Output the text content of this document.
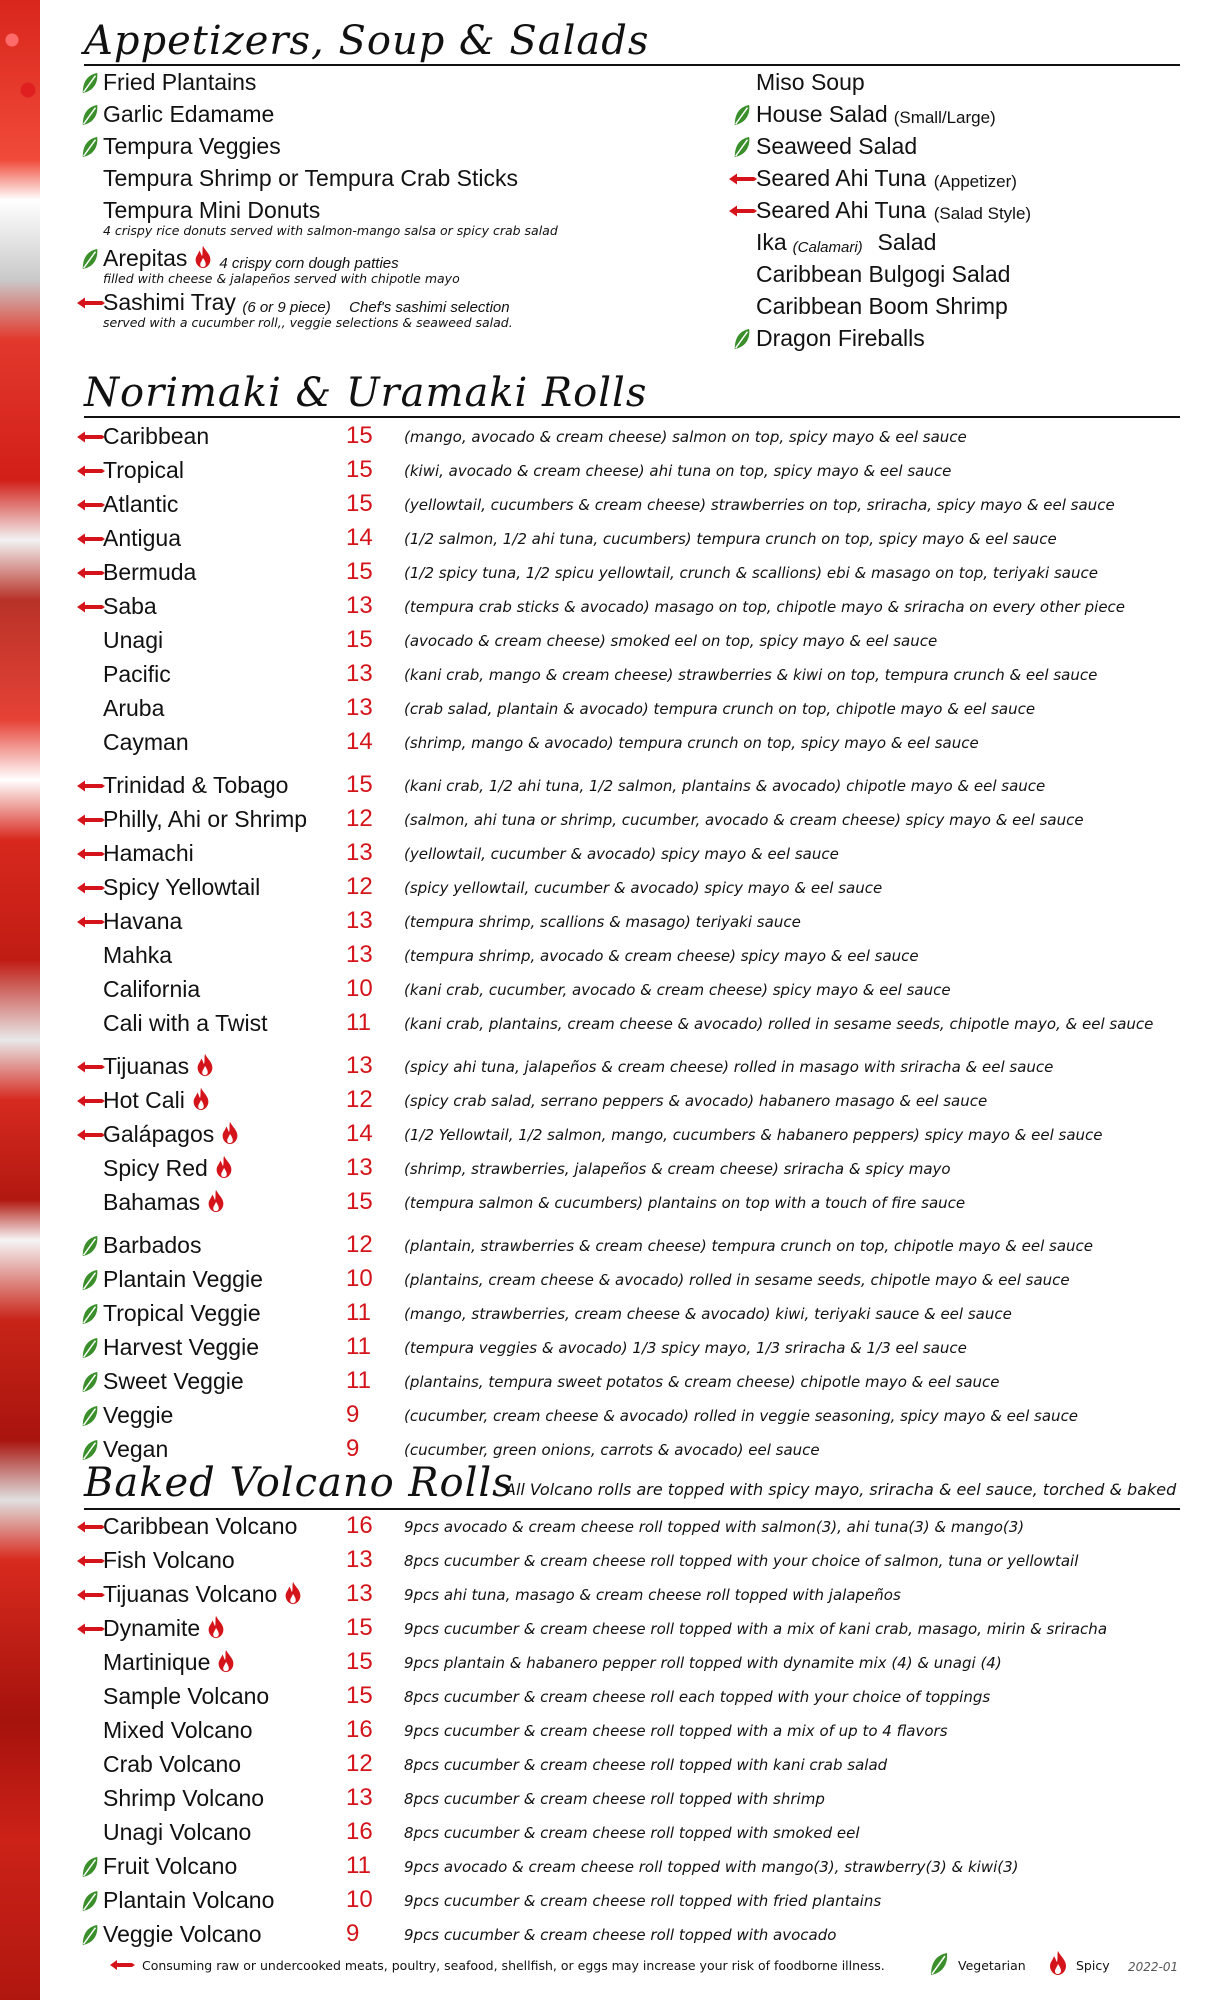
Appetizers, Soup & Salads
Norimaki & Uramaki Rolls
Baked Volcano Rolls
All Volcano rolls are topped with spicy mayo, sriracha & eel sauce, torched & baked
Fried Plantains
Garlic Edamame
Tempura Veggies
Tempura Shrimp or Tempura Crab Sticks
Tempura Mini Donuts
4 crispy rice donuts served with salmon-mango salsa or spicy crab salad
Arepitas 4 crispy corn dough patties
filled with cheese & jalapeños served with chipotle mayo
Sashimi Tray (6 or 9 piece) Chef's sashimi selection
served with a cucumber roll,, veggie selections & seaweed salad.
Miso Soup
House Salad (Small/Large)
Seaweed Salad
Seared Ahi Tuna (Appetizer)
Seared Ahi Tuna (Salad Style)
Ika (Calamari) Salad
Caribbean Bulgogi Salad
Caribbean Boom Shrimp
Dragon Fireballs
Caribbean	15 (mango, avocado & cream cheese) salmon on top, spicy mayo & eel sauce
Tropical	15 (kiwi, avocado & cream cheese) ahi tuna on top, spicy mayo & eel sauce
Atlantic	15 (yellowtail, cucumbers & cream cheese) strawberries on top, sriracha, spicy mayo & eel sauce
Antigua	14 (1/2 salmon, 1/2 ahi tuna, cucumbers) tempura crunch on top, spicy mayo & eel sauce
Bermuda	15 (1/2 spicy tuna, 1/2 spicu yellowtail, crunch & scallions) ebi & masago on top, teriyaki sauce
Saba	13 (tempura crab sticks & avocado) masago on top, chipotle mayo & sriracha on every other piece
Unagi	15 (avocado & cream cheese) smoked eel on top, spicy mayo & eel sauce
Pacific	13 (kani crab, mango & cream cheese) strawberries & kiwi on top, tempura crunch & eel sauce
Aruba	13 (crab salad, plantain & avocado) tempura crunch on top, chipotle mayo & eel sauce
Cayman	14 (shrimp, mango & avocado) tempura crunch on top, spicy mayo & eel sauce
Trinidad & Tobago 15 (kani crab, 1/2 ahi tuna, 1/2 salmon, plantains & avocado) chipotle mayo & eel sauce
Philly, Ahi or Shrimp 12 (salmon, ahi tuna or shrimp, cucumber, avocado & cream cheese) spicy mayo & eel sauce
Hamachi	13 (yellowtail, cucumber & avocado) spicy mayo & eel sauce
Spicy Yellowtail	12 (spicy yellowtail, cucumber & avocado) spicy mayo & eel sauce
Havana	13 (tempura shrimp, scallions & masago) teriyaki sauce
Mahka	13 (tempura shrimp, avocado & cream cheese) spicy mayo & eel sauce
California	10 (kani crab, cucumber, avocado & cream cheese) spicy mayo & eel sauce
Cali with a Twist	11 (kani crab, plantains, cream cheese & avocado) rolled in sesame seeds, chipotle mayo, & eel sauce
Tijuanas	13 (spicy ahi tuna, jalapeños & cream cheese) rolled in masago with sriracha & eel sauce
Hot Cali	12 (spicy crab salad, serrano peppers & avocado) habanero masago & eel sauce
Galápagos	14 (1/2 Yellowtail, 1/2 salmon, mango, cucumbers & habanero peppers) spicy mayo & eel sauce
Spicy Red	13 (shrimp, strawberries, jalapeños & cream cheese) sriracha & spicy mayo
Bahamas	15 (tempura salmon & cucumbers) plantains on top with a touch of fire sauce
Barbados	12 (plantain, strawberries & cream cheese) tempura crunch on top, chipotle mayo & eel sauce
Plantain Veggie	10 (plantains, cream cheese & avocado) rolled in sesame seeds, chipotle mayo & eel sauce
Tropical Veggie	11 (mango, strawberries, cream cheese & avocado) kiwi, teriyaki sauce & eel sauce
Harvest Veggie	11 (tempura veggies & avocado) 1/3 spicy mayo, 1/3 sriracha & 1/3 eel sauce
Sweet Veggie	11 (plantains, tempura sweet potatos & cream cheese) chipotle mayo & eel sauce
Veggie	9	(cucumber, cream cheese & avocado) rolled in veggie seasoning, spicy mayo & eel sauce
Vegan	9	(cucumber, green onions, carrots & avocado) eel sauce
Caribbean Volcano 16 9pcs avocado & cream cheese roll topped with salmon(3), ahi tuna(3) & mango(3)
Fish Volcano	13 8pcs cucumber & cream cheese roll topped with your choice of salmon, tuna or yellowtail
Tijuanas Volcano	13 9pcs ahi tuna, masago & cream cheese roll topped with jalapeños
Dynamite	15 9pcs cucumber & cream cheese roll topped with a mix of kani crab, masago, mirin & sriracha
Martinique	15 9pcs plantain & habanero pepper roll topped with dynamite mix (4) & unagi (4)
Sample Volcano	15 8pcs cucumber & cream cheese roll each topped with your choice of toppings
Mixed Volcano	16 9pcs cucumber & cream cheese roll topped with a mix of up to 4 flavors
Crab Volcano	12 8pcs cucumber & cream cheese roll topped with kani crab salad
Shrimp Volcano	13 8pcs cucumber & cream cheese roll topped with shrimp
Unagi Volcano	16 8pcs cucumber & cream cheese roll topped with smoked eel
Fruit Volcano	11 9pcs avocado & cream cheese roll topped with mango(3), strawberry(3) & kiwi(3)
Plantain Volcano	10 9pcs cucumber & cream cheese roll topped with fried plantains
Veggie Volcano	9	9pcs cucumber & cream cheese roll topped with avocado
Consuming raw or undercooked meats, poultry, seafood, shellfish, or eggs may increase your risk of foodborne illness.	Vegetarian	Spicy 2022-01
